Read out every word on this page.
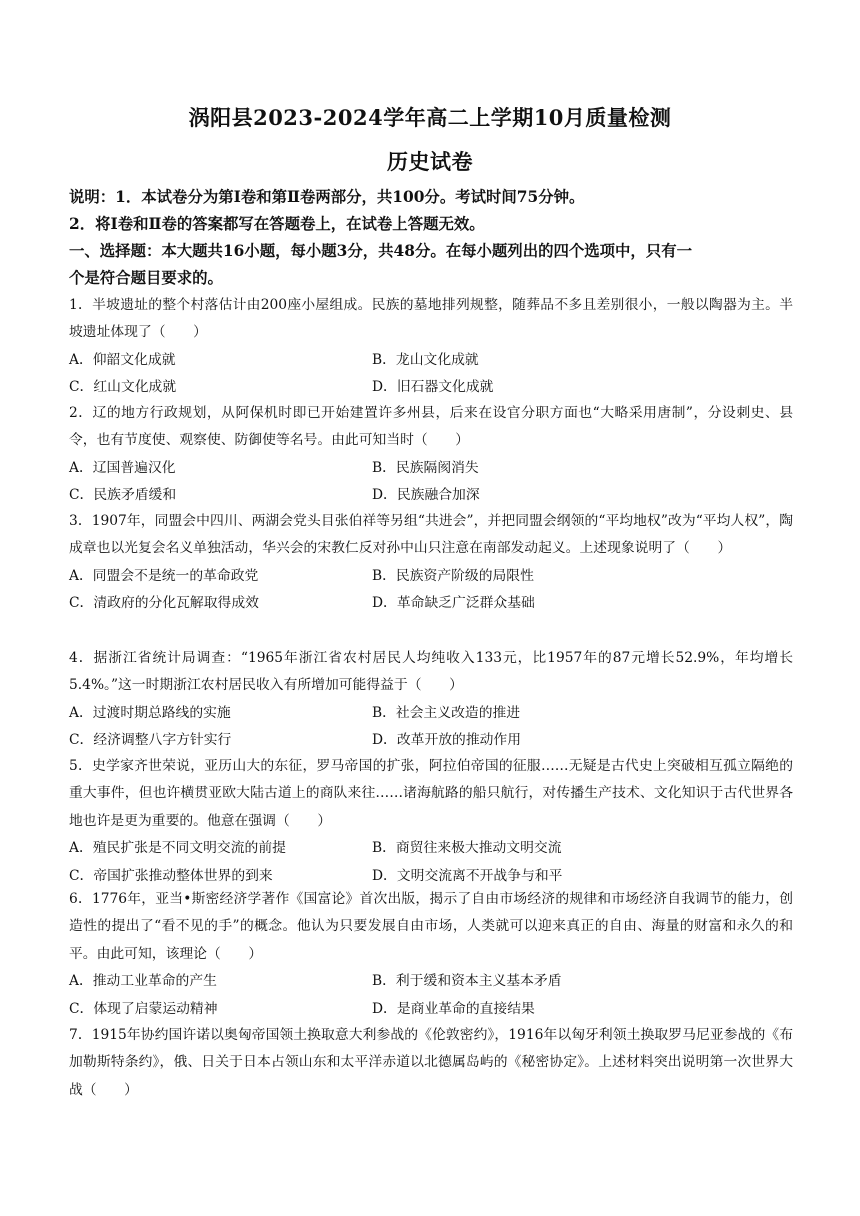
涡阳县2023-2024学年高二上学期10月质量检测
历史试卷
说明：1．本试卷分为第Ⅰ卷和第Ⅱ卷两部分，共100分。考试时间75分钟。
2．将Ⅰ卷和Ⅱ卷的答案都写在答题卷上，在试卷上答题无效。
一、选择题：本大题共16小题，每小题3分，共48分。在每小题列出的四个选项中，只有一
个是符合题目要求的。
1．半坡遗址的整个村落估计由200座小屋组成。民族的墓地排列规整，随葬品不多且差别很小，一般以陶器为主。半坡遗址体现了（　　）
A．仰韶文化成就	B．龙山文化成就
C．红山文化成就	D．旧石器文化成就
2．辽的地方行政规划，从阿保机时即已开始建置许多州县，后来在设官分职方面也“大略采用唐制”，分设刺史、县令，也有节度使、观察使、防御使等名号。由此可知当时（　　）
A．辽国普遍汉化	B．民族隔阂消失
C．民族矛盾缓和	D．民族融合加深
3．1907年，同盟会中四川、两湖会党头目张伯祥等另组“共进会”，并把同盟会纲领的“平均地权”改为“平均人权”，陶成章也以光复会名义单独活动，华兴会的宋教仁反对孙中山只注意在南部发动起义。上述现象说明了（　　）
A．同盟会不是统一的革命政党	B．民族资产阶级的局限性
C．清政府的分化瓦解取得成效	D．革命缺乏广泛群众基础
4．据浙江省统计局调查：“1965年浙江省农村居民人均纯收入133元，比1957年的87元增长52.9%，年均增长5.4%。”这一时期浙江农村居民收入有所增加可能得益于（　　）
A．过渡时期总路线的实施	B．社会主义改造的推进
C．经济调整八字方针实行	D．改革开放的推动作用
5．史学家齐世荣说，亚历山大的东征，罗马帝国的扩张，阿拉伯帝国的征服……无疑是古代史上突破相互孤立隔绝的重大事件，但也许横贯亚欧大陆古道上的商队来往……诸海航路的船只航行，对传播生产技术、文化知识于古代世界各地也许是更为重要的。他意在强调（　　）
A．殖民扩张是不同文明交流的前提	B．商贸往来极大推动文明交流
C．帝国扩张推动整体世界的到来	D．文明交流离不开战争与和平
6．1776年，亚当•斯密经济学著作《国富论》首次出版，揭示了自由市场经济的规律和市场经济自我调节的能力，创造性的提出了“看不见的手”的概念。他认为只要发展自由市场，人类就可以迎来真正的自由、海量的财富和永久的和平。由此可知，该理论（　　）
A．推动工业革命的产生	B．利于缓和资本主义基本矛盾
C．体现了启蒙运动精神	D．是商业革命的直接结果
7．1915年协约国许诺以奥匈帝国领土换取意大利参战的《伦敦密约》，1916年以匈牙利领土换取罗马尼亚参战的《布加勒斯特条约》，俄、日关于日本占领山东和太平洋赤道以北德属岛屿的《秘密协定》。上述材料突出说明第一次世界大战（　　）
